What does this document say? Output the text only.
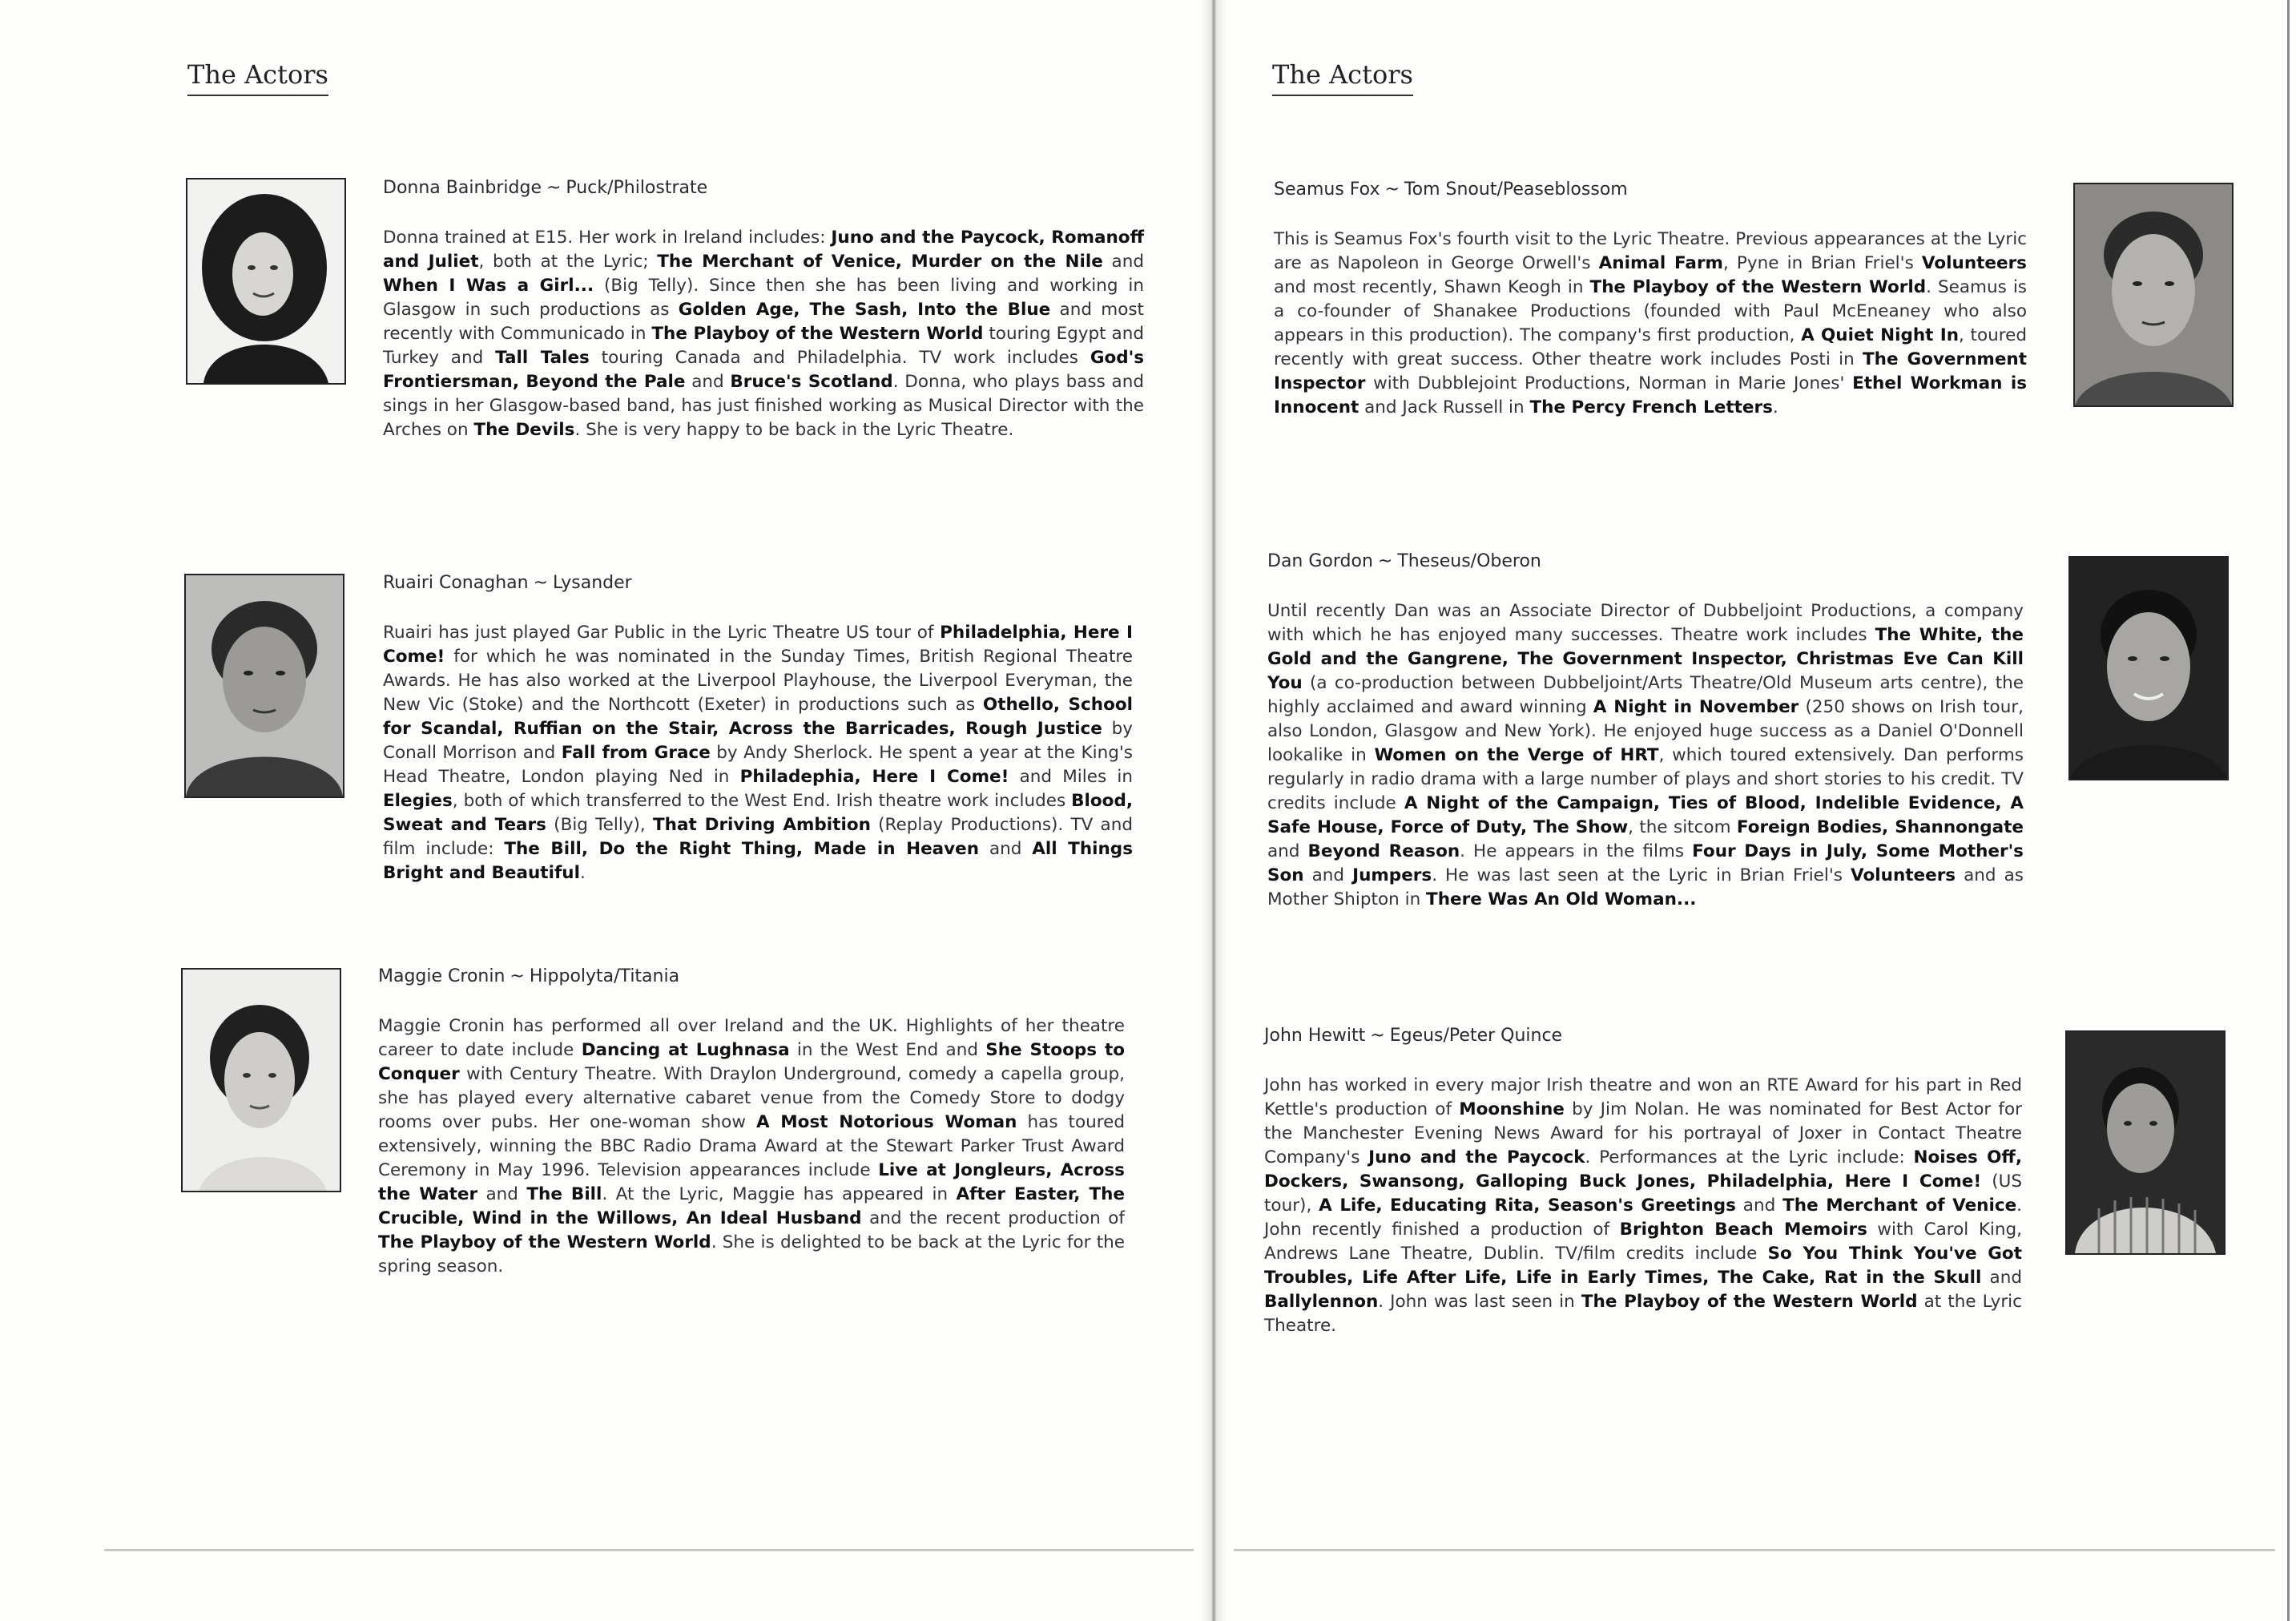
The Actors

Donna Bainbridge ~ Puck/Philostrate

Donna trained at E15. Her work in Ireland includes: Juno and the Paycock, Romanoff and Juliet, both at the Lyric; The Merchant of Venice, Murder on the Nile and When I Was a Girl... (Big Telly). Since then she has been living and working in Glasgow in such productions as Golden Age, The Sash, Into the Blue and most recently with Communicado in The Playboy of the Western World touring Egypt and Turkey and Tall Tales touring Canada and Philadelphia. TV work includes God's Frontiersman, Beyond the Pale and Bruce's Scotland. Donna, who plays bass and sings in her Glasgow-based band, has just finished working as Musical Director with the Arches on The Devils. She is very happy to be back in the Lyric Theatre.

Ruairi Conaghan ~ Lysander

Ruairi has just played Gar Public in the Lyric Theatre US tour of Philadelphia, Here I Come! for which he was nominated in the Sunday Times, British Regional Theatre Awards. He has also worked at the Liverpool Playhouse, the Liverpool Everyman, the New Vic (Stoke) and the Northcott (Exeter) in productions such as Othello, School for Scandal, Ruffian on the Stair, Across the Barricades, Rough Justice by Conall Morrison and Fall from Grace by Andy Sherlock. He spent a year at the King's Head Theatre, London playing Ned in Philadephia, Here I Come! and Miles in Elegies, both of which transferred to the West End. Irish theatre work includes Blood, Sweat and Tears (Big Telly), That Driving Ambition (Replay Productions). TV and film include: The Bill, Do the Right Thing, Made in Heaven and All Things Bright and Beautiful.

Maggie Cronin ~ Hippolyta/Titania

Maggie Cronin has performed all over Ireland and the UK. Highlights of her theatre career to date include Dancing at Lughnasa in the West End and She Stoops to Conquer with Century Theatre. With Draylon Underground, comedy a capella group, she has played every alternative cabaret venue from the Comedy Store to dodgy rooms over pubs. Her one-woman show A Most Notorious Woman has toured extensively, winning the BBC Radio Drama Award at the Stewart Parker Trust Award Ceremony in May 1996. Television appearances include Live at Jongleurs, Across the Water and The Bill. At the Lyric, Maggie has appeared in After Easter, The Crucible, Wind in the Willows, An Ideal Husband and the recent production of The Playboy of the Western World. She is delighted to be back at the Lyric for the spring season.

The Actors

Seamus Fox ~ Tom Snout/Peaseblossom

This is Seamus Fox's fourth visit to the Lyric Theatre. Previous appearances at the Lyric are as Napoleon in George Orwell's Animal Farm, Pyne in Brian Friel's Volunteers and most recently, Shawn Keogh in The Playboy of the Western World. Seamus is a co-founder of Shanakee Productions (founded with Paul McEneaney who also appears in this production). The company's first production, A Quiet Night In, toured recently with great success. Other theatre work includes Posti in The Government Inspector with Dubblejoint Productions, Norman in Marie Jones' Ethel Workman is Innocent and Jack Russell in The Percy French Letters.

Dan Gordon ~ Theseus/Oberon

Until recently Dan was an Associate Director of Dubbeljoint Productions, a company with which he has enjoyed many successes. Theatre work includes The White, the Gold and the Gangrene, The Government Inspector, Christmas Eve Can Kill You (a co-production between Dubbeljoint/Arts Theatre/Old Museum arts centre), the highly acclaimed and award winning A Night in November (250 shows on Irish tour, also London, Glasgow and New York). He enjoyed huge success as a Daniel O'Donnell lookalike in Women on the Verge of HRT, which toured extensively. Dan performs regularly in radio drama with a large number of plays and short stories to his credit. TV credits include A Night of the Campaign, Ties of Blood, Indelible Evidence, A Safe House, Force of Duty, The Show, the sitcom Foreign Bodies, Shannongate and Beyond Reason. He appears in the films Four Days in July, Some Mother's Son and Jumpers. He was last seen at the Lyric in Brian Friel's Volunteers and as Mother Shipton in There Was An Old Woman...

John Hewitt ~ Egeus/Peter Quince

John has worked in every major Irish theatre and won an RTE Award for his part in Red Kettle's production of Moonshine by Jim Nolan. He was nominated for Best Actor for the Manchester Evening News Award for his portrayal of Joxer in Contact Theatre Company's Juno and the Paycock. Performances at the Lyric include: Noises Off, Dockers, Swansong, Galloping Buck Jones, Philadelphia, Here I Come! (US tour), A Life, Educating Rita, Season's Greetings and The Merchant of Venice. John recently finished a production of Brighton Beach Memoirs with Carol King, Andrews Lane Theatre, Dublin. TV/film credits include So You Think You've Got Troubles, Life After Life, Life in Early Times, The Cake, Rat in the Skull and Ballylennon. John was last seen in The Playboy of the Western World at the Lyric Theatre.
